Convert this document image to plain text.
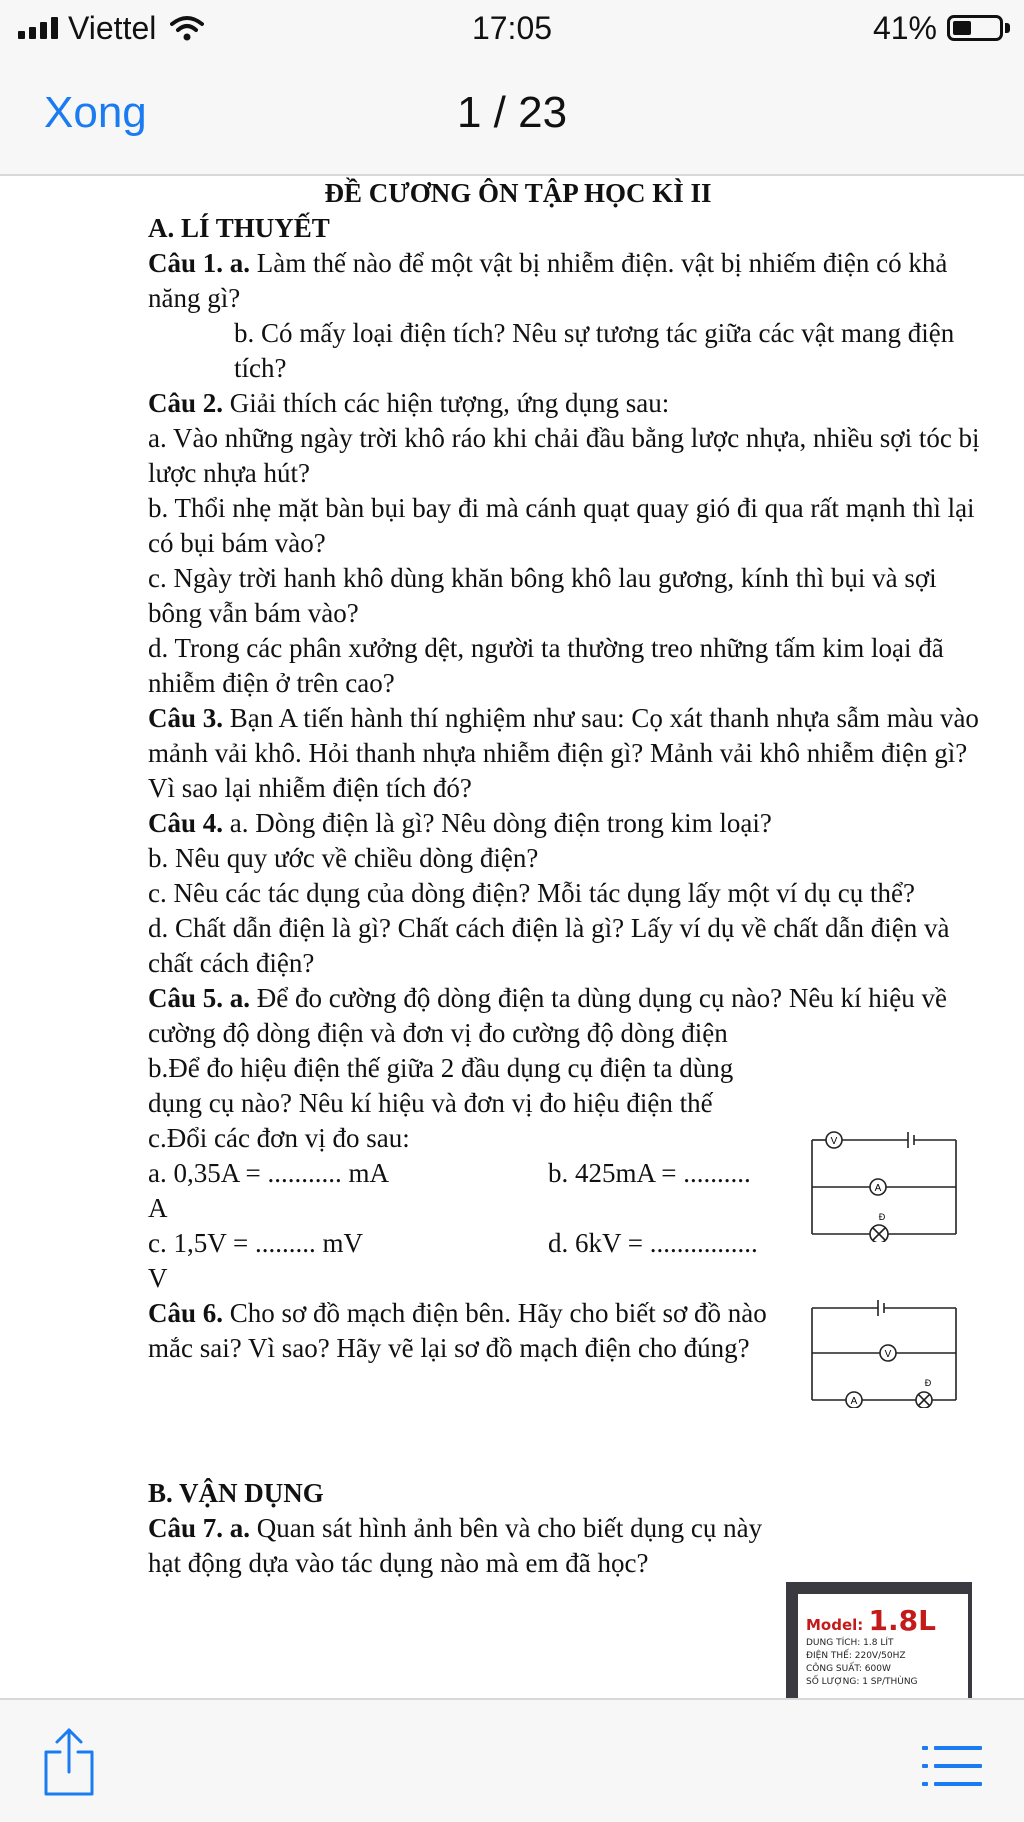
Viettel	17:05	41%
Xong	1 / 23

ĐỀ CƯƠNG ÔN TẬP HỌC KÌ II

A. LÍ THUYẾT

Câu 1. a. Làm thế nào để một vật bị nhiễm điện. vật bị nhiếm điện có khả năng gì?

b. Có mấy loại điện tích? Nêu sự tương tác giữa các vật mang điện tích?

Câu 2. Giải thích các hiện tượng, ứng dụng sau:

a. Vào những ngày trời khô ráo khi chải đầu bằng lược nhựa, nhiều sợi tóc bị lược nhựa hút?

b. Thổi nhẹ mặt bàn bụi bay đi mà cánh quạt quay gió đi qua rất mạnh thì lại có bụi bám vào?

c. Ngày trời hanh khô dùng khăn bông khô lau gương, kính thì bụi và sợi bông vẫn bám vào?

d. Trong các phân xưởng dệt, người ta thường treo những tấm kim loại đã nhiễm điện ở trên cao?

Câu 3. Bạn A tiến hành thí nghiệm như sau: Cọ xát thanh nhựa sẫm màu vào mảnh vải khô. Hỏi thanh nhựa nhiễm điện gì? Mảnh vải khô nhiễm điện gì? Vì sao lại nhiễm điện tích đó?

Câu 4. a. Dòng điện là gì? Nêu dòng điện trong kim loại?

b. Nêu quy ước về chiều dòng điện?

c. Nêu các tác dụng của dòng điện? Mỗi tác dụng lấy một ví dụ cụ thể?

d. Chất dẫn điện là gì? Chất cách điện là gì? Lấy ví dụ về chất dẫn điện và chất cách điện?

Câu 5. a. Để đo cường độ dòng điện ta dùng dụng cụ nào? Nêu kí hiệu về cường độ dòng điện và đơn vị đo cường độ dòng điện

b.Để đo hiệu điện thế giữa 2 đầu dụng cụ điện ta dùng dụng cụ nào? Nêu kí hiệu và đơn vị đo hiệu điện thế

c.Đổi các đơn vị đo sau:

a. 0,35A = ........... mA	b. 425mA = ..........

A

c. 1,5V = ......... mV	d. 6kV = ................

V

Câu 6. Cho sơ đồ mạch điện bên. Hãy cho biết sơ đồ nào mắc sai? Vì sao? Hãy vẽ lại sơ đồ mạch điện cho đúng?

B. VẬN DỤNG

Câu 7. a. Quan sát hình ảnh bên và cho biết dụng cụ này hạt động dựa vào tác dụng nào mà em đã học?

V
A
Đ
V
A
Đ
Model: 1.8L
DUNG TÍCH: 1.8 LÍT
ĐIỆN THẾ: 220V/50HZ
CÔNG SUẤT: 600W
SỐ LƯỢNG: 1 SP/THÙNG
